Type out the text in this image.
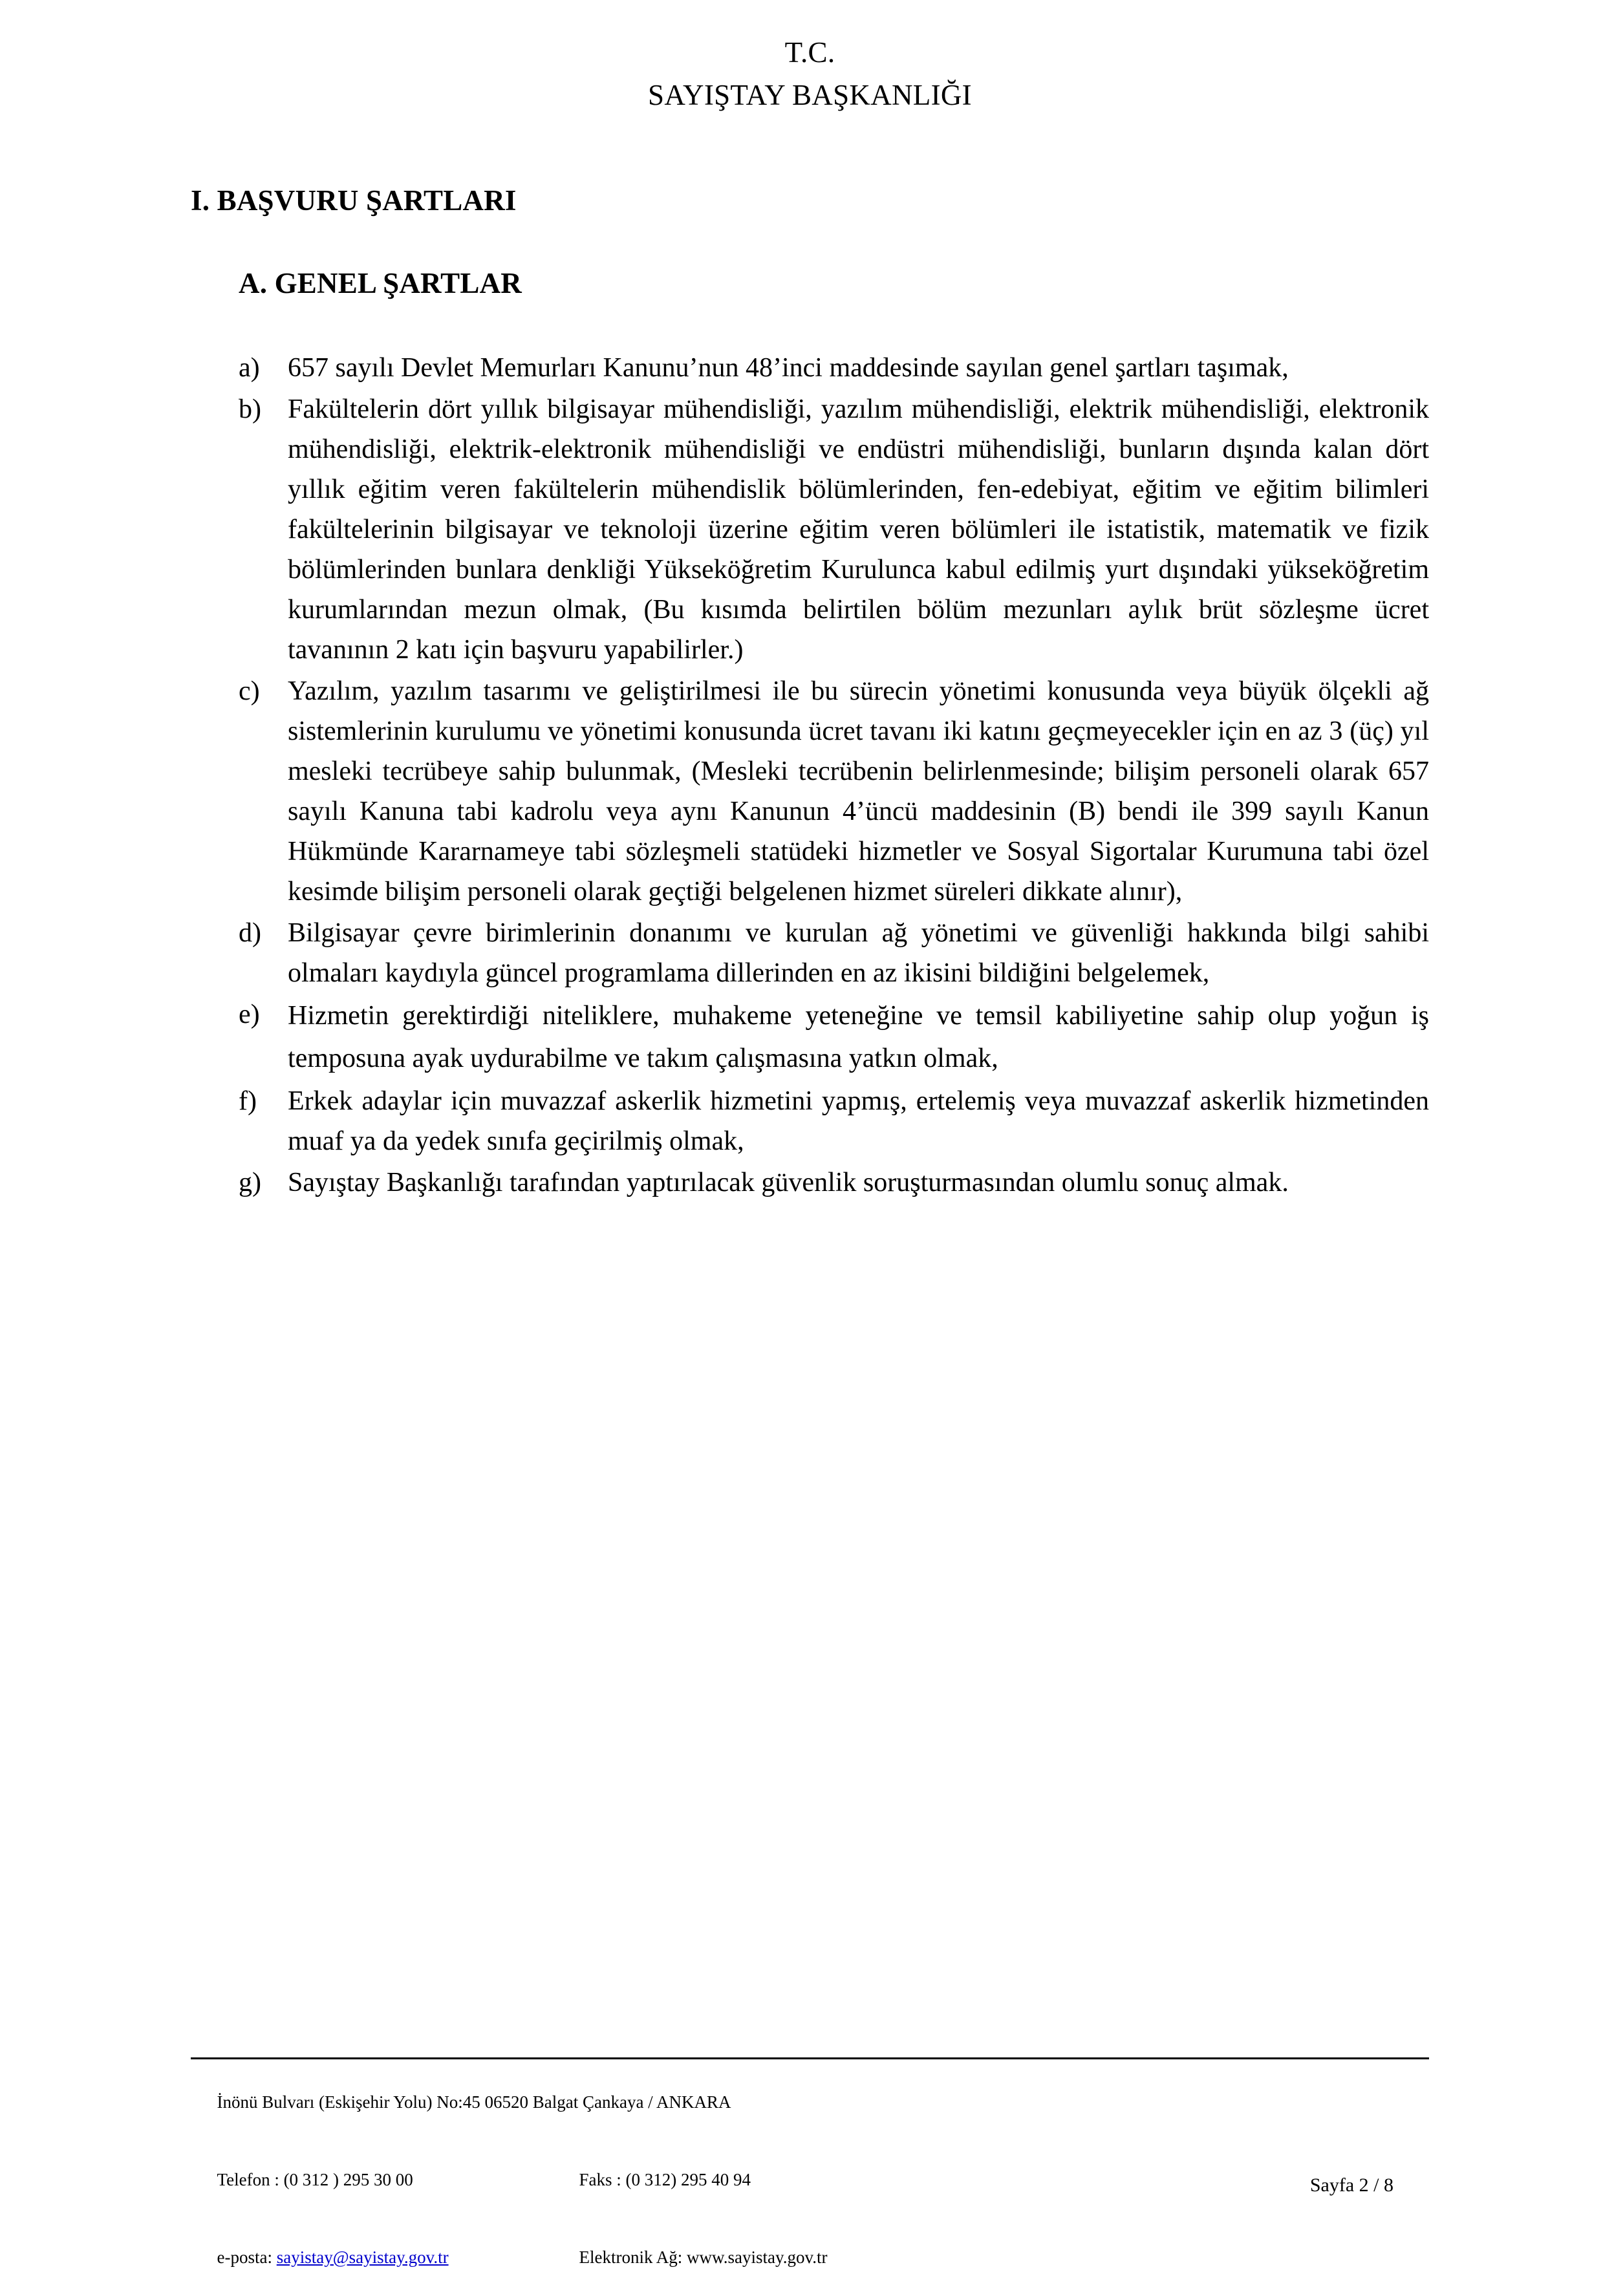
T.C.
SAYIŞTAY BAŞKANLIĞI
I. BAŞVURU ŞARTLARI
A. GENEL ŞARTLAR
a)	657 sayılı Devlet Memurları Kanunu’nun 48’inci maddesinde sayılan genel şartları taşımak,
b) Fakültelerin dört yıllık bilgisayar mühendisliği, yazılım mühendisliği, elektrik mühendisliği, elektronik mühendisliği, elektrik-elektronik mühendisliği ve endüstri mühendisliği, bunların dışında kalan dört yıllık eğitim veren fakültelerin mühendislik bölümlerinden, fen-edebiyat, eğitim ve eğitim bilimleri fakültelerinin bilgisayar ve teknoloji üzerine eğitim veren bölümleri ile istatistik, matematik ve fizik bölümlerinden bunlara denkliği Yükseköğretim Kurulunca kabul edilmiş yurt dışındaki yükseköğretim kurumlarından mezun olmak, (Bu kısımda belirtilen bölüm mezunları aylık brüt sözleşme ücret tavanının 2 katı için başvuru yapabilirler.)
c)	Yazılım, yazılım tasarımı ve geliştirilmesi ile bu sürecin yönetimi konusunda veya büyük ölçekli ağ sistemlerinin kurulumu ve yönetimi konusunda ücret tavanı iki katını geçmeyecekler için en az 3 (üç) yıl mesleki tecrübeye sahip bulunmak, (Mesleki tecrübenin belirlenmesinde; bilişim personeli olarak 657 sayılı Kanuna tabi kadrolu veya aynı Kanunun 4’üncü maddesinin (B) bendi ile 399 sayılı Kanun Hükmünde Kararnameye tabi sözleşmeli statüdeki hizmetler ve Sosyal Sigortalar Kurumuna tabi özel kesimde bilişim personeli olarak geçtiği belgelenen hizmet süreleri dikkate alınır),
d) Bilgisayar çevre birimlerinin donanımı ve kurulan ağ yönetimi ve güvenliği hakkında bilgi sahibi olmaları kaydıyla güncel programlama dillerinden en az ikisini bildiğini belgelemek,
e)	Hizmetin gerektirdiği niteliklere, muhakeme yeteneğine ve temsil kabiliyetine sahip olup yoğun iş temposuna ayak uydurabilme ve takım çalışmasına yatkın olmak,
f)	Erkek adaylar için muvazzaf askerlik hizmetini yapmış, ertelemiş veya muvazzaf askerlik hizmetinden muaf ya da yedek sınıfa geçirilmiş olmak,
g) Sayıştay Başkanlığı tarafından yaptırılacak güvenlik soruşturmasından olumlu sonuç almak.

İnönü Bulvarı (Eskişehir Yolu) No:45 06520 Balgat Çankaya / ANKARA

Telefon : (0 312 ) 295 30 00	Faks : (0 312) 295 40 94

e-posta: sayistay@sayistay.gov.tr	Elektronik Ağ: www.sayistay.gov.tr

Sayfa 2 / 8
